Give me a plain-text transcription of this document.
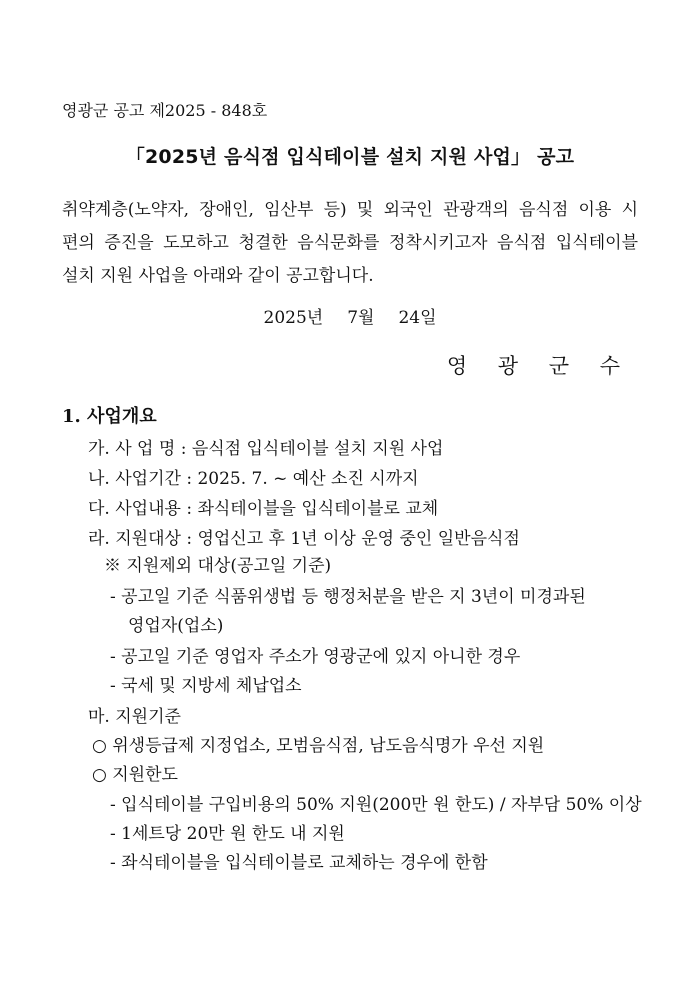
영광군 공고 제2025 - 848호
「2025년 음식점 입식테이블 설치 지원 사업」 공고
취약계층(노약자, 장애인, 임산부 등) 및 외국인 관광객의 음식점 이용 시
편의 증진을 도모하고 청결한 음식문화를 정착시키고자 음식점 입식테이블
설치 지원 사업을 아래와 같이 공고합니다.
2025년 7월 24일
영 광 군 수
1. 사업개요
가. 사 업 명 : 음식점 입식테이블 설치 지원 사업
나. 사업기간 : 2025. 7. ~ 예산 소진 시까지
다. 사업내용 : 좌식테이블을 입식테이블로 교체
라. 지원대상 : 영업신고 후 1년 이상 운영 중인 일반음식점
※ 지원제외 대상(공고일 기준)
- 공고일 기준 식품위생법 등 행정처분을 받은 지 3년이 미경과된
영업자(업소)
- 공고일 기준 영업자 주소가 영광군에 있지 아니한 경우
- 국세 및 지방세 체납업소
마. 지원기준
○ 위생등급제 지정업소, 모범음식점, 남도음식명가 우선 지원
○ 지원한도
- 입식테이블 구입비용의 50% 지원(200만 원 한도) / 자부담 50% 이상
- 1세트당 20만 원 한도 내 지원
- 좌식테이블을 입식테이블로 교체하는 경우에 한함
